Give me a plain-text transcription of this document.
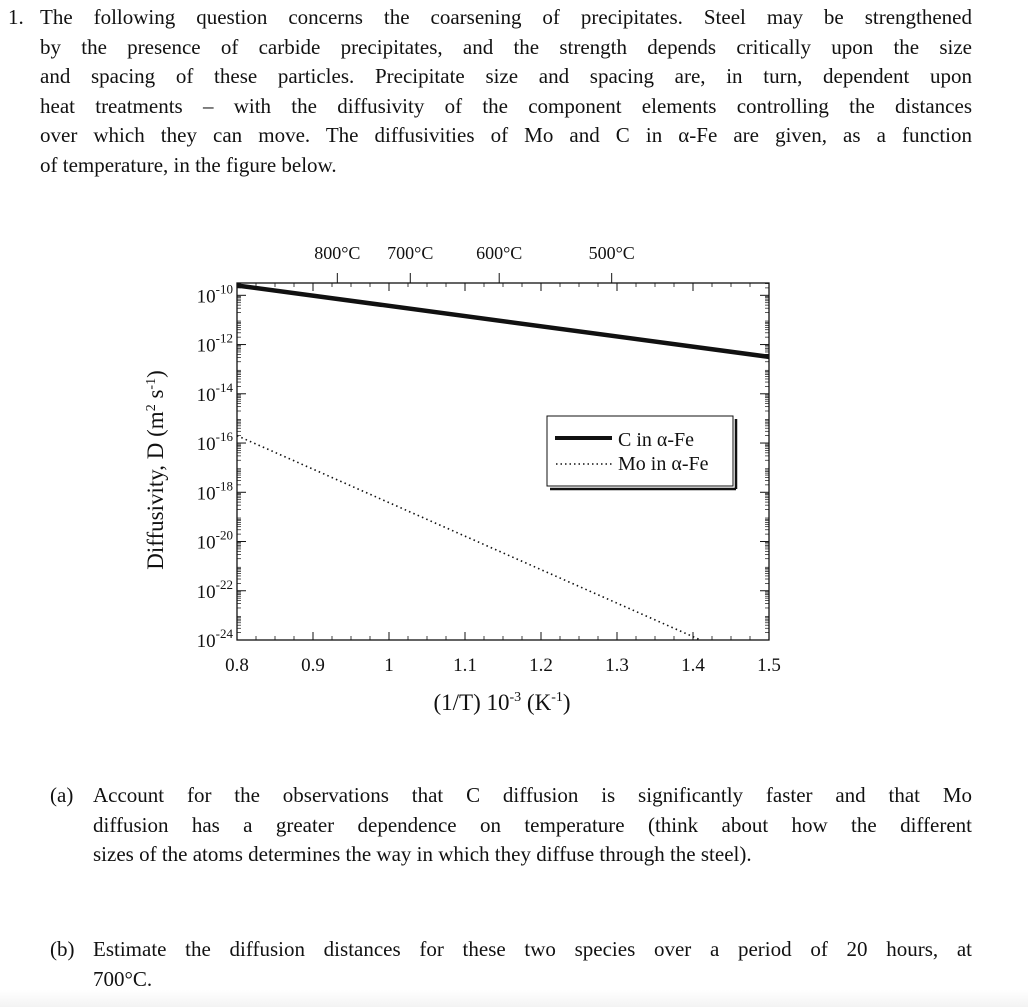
1. The following question concerns the coarsening of precipitates. Steel may be strengthened
by the presence of carbide precipitates, and the strength depends critically upon the size
and spacing of these particles. Precipitate size and spacing are, in turn, dependent upon
heat treatments – with the diffusivity of the component elements controlling the distances
over which they can move. The diffusivities of Mo and C in α-Fe are given, as a function
of temperature, in the figure below.
0.8	0.9	1	1.1	1.2	1.3	1.4	1.5
$10^{-10}$
$10^{-12}$
$10^{-14}$
$10^{-16}$
$10^{-18}$
$10^{-20}$
$10^{-22}$
$10^{-24}$
800°C 700°C 600°C	500°C
Diffusivity, D ($m^2$ $s^{-1}$)
(1/T) $10^{-3}$ $(K^{-1})$
C in α-Fe
Mo in α-Fe
(a) Account for the observations that C diffusion is significantly faster and that Mo
diffusion has a greater dependence on temperature (think about how the different
sizes of the atoms determines the way in which they diffuse through the steel).
(b) Estimate the diffusion distances for these two species over a period of 20 hours, at
700°C.
